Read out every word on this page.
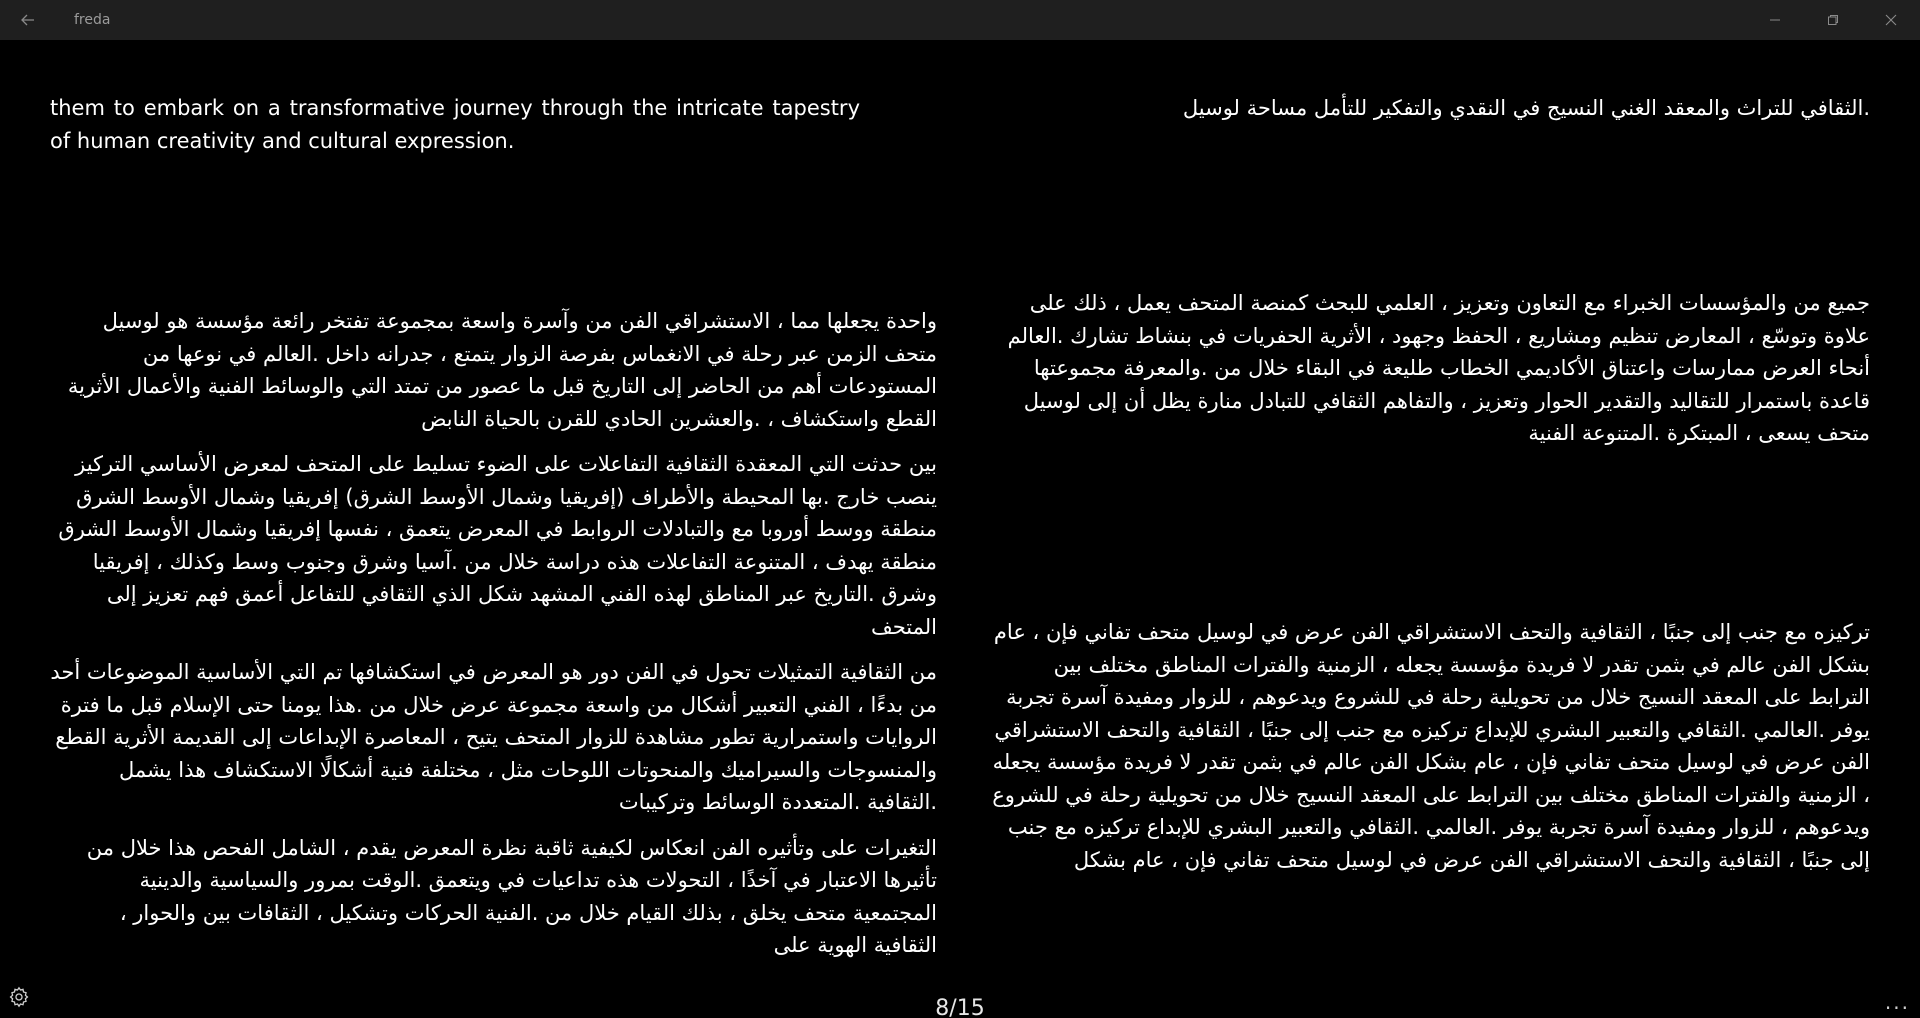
freda
them to embark on a transformative journey through the intricate tapestry of human creativity and cultural expression.
.الثقافي للتراث والمعقد الغني النسيج في النقدي والتفكير للتأمل مساحة لوسيل

واحدة يجعلها مما ، الاستشراقي الفن من وآسرة واسعة بمجموعة تفتخر رائعة مؤسسة هو لوسيل متحف الزمن عبر رحلة في الانغماس بفرصة الزوار يتمتع ، جدرانه داخل .العالم في نوعها من المستودعات أهم من الحاضر إلى التاريخ قبل ما عصور من تمتد التي والوسائط الفنية والأعمال الأثرية القطع واستكشاف ، .والعشرين الحادي للقرن بالحياة النابض

بين حدثت التي المعقدة الثقافية التفاعلات على الضوء تسليط على المتحف لمعرض الأساسي التركيز ينصب خارج .بها المحيطة والأطراف (إفريقيا وشمال الأوسط الشرق) إفريقيا وشمال الأوسط الشرق منطقة ووسط أوروبا مع والتبادلات الروابط في المعرض يتعمق ، نفسها إفريقيا وشمال الأوسط الشرق منطقة يهدف ، المتنوعة التفاعلات هذه دراسة خلال من .آسيا وشرق وجنوب وسط وكذلك ، إفريقيا وشرق .التاريخ عبر المناطق لهذه الفني المشهد شكل الذي الثقافي للتفاعل أعمق فهم تعزيز إلى المتحف

من الثقافية التمثيلات تحول في الفن دور هو المعرض في استكشافها تم التي الأساسية الموضوعات أحد من بدءًا ، الفني التعبير أشكال من واسعة مجموعة عرض خلال من .هذا يومنا حتى الإسلام قبل ما فترة الروايات واستمرارية تطور مشاهدة للزوار المتحف يتيح ، المعاصرة الإبداعات إلى القديمة الأثرية القطع والمنسوجات والسيراميك والمنحوتات اللوحات مثل ، مختلفة فنية أشكالًا الاستكشاف هذا يشمل .الثقافية .المتعددة الوسائط وتركيبات

التغيرات على وتأثيره الفن انعكاس لكيفية ثاقبة نظرة المعرض يقدم ، الشامل الفحص هذا خلال من تأثيرها الاعتبار في آخذًا ، التحولات هذه تداعيات في ويتعمق .الوقت بمرور والسياسية والدينية المجتمعية متحف يخلق ، بذلك القيام خلال من .الفنية الحركات وتشكيل ، الثقافات بين والحوار ، الثقافية الهوية على

جميع من والمؤسسات الخبراء مع التعاون وتعزيز ، العلمي للبحث كمنصة المتحف يعمل ، ذلك على علاوة وتوسّع ، المعارض تنظيم ومشاريع ، الحفظ وجهود ، الأثرية الحفريات في بنشاط تشارك .العالم أنحاء العرض ممارسات واعتناق الأكاديمي الخطاب طليعة في البقاء خلال من .والمعرفة مجموعتها قاعدة باستمرار للتقاليد والتقدير الحوار وتعزيز ، والتفاهم الثقافي للتبادل منارة يظل أن إلى لوسيل متحف يسعى ، المبتكرة .المتنوعة الفنية
تركيزه مع جنب إلى جنبًا ، الثقافية والتحف الاستشراقي الفن عرض في لوسيل متحف تفاني فإن ، عام بشكل الفن عالم في بثمن تقدر لا فريدة مؤسسة يجعله ، الزمنية والفترات المناطق مختلف بين الترابط على المعقد النسيج خلال من تحويلية رحلة في للشروع ويدعوهم ، للزوار ومفيدة آسرة تجربة يوفر .العالمي .الثقافي والتعبير البشري للإبداع تركيزه مع جنب إلى جنبًا ، الثقافية والتحف الاستشراقي الفن عرض في لوسيل متحف تفاني فإن ، عام بشكل الفن عالم في بثمن تقدر لا فريدة مؤسسة يجعله ، الزمنية والفترات المناطق مختلف بين الترابط على المعقد النسيج خلال من تحويلية رحلة في للشروع ويدعوهم ، للزوار ومفيدة آسرة تجربة يوفر .العالمي .الثقافي والتعبير البشري للإبداع تركيزه مع جنب إلى جنبًا ، الثقافية والتحف الاستشراقي الفن عرض في لوسيل متحف تفاني فإن ، عام بشكل
8/15	...
